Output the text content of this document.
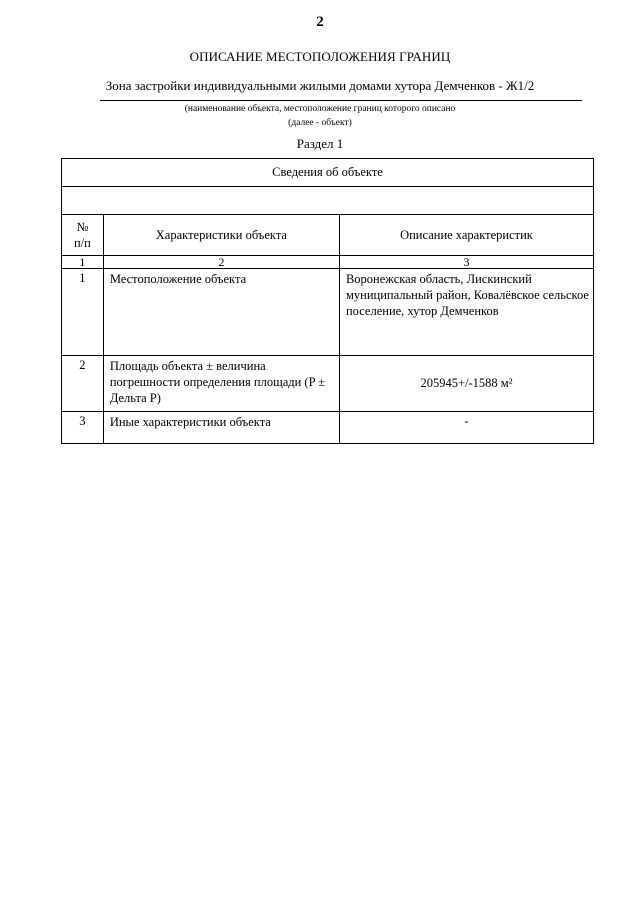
2
ОПИСАНИЕ МЕСТОПОЛОЖЕНИЯ ГРАНИЦ
Зона застройки индивидуальными жилыми домами хутора Демченков - Ж1/2
(наименование объекта, местоположение границ которого описано
(далее - объект)
Раздел 1
Сведения об объекте		

№
п/п	Характеристики объекта	Описание характеристик
1	2	3
1	Местоположение объекта	Воронежская область, Лискинский муниципальный район, Ковалёвское сельское поселение, хутор Демченков
2	Площадь объекта ± величина погрешности определения площади (P ± Дельта P)	205945+/-1588 м²
3	Иные характеристики объекта	-
